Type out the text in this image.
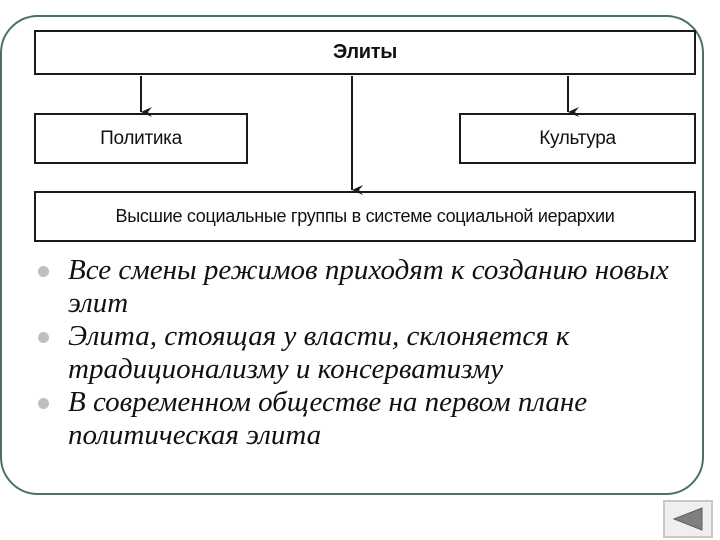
Элиты
Политика	Культура
Высшие социальные группы в системе социальной иерархии
Все смены режимов приходят к созданию новых элит
Элита, стоящая у власти, склоняется к традиционализму и консерватизму
В современном обществе на первом плане политическая элита
